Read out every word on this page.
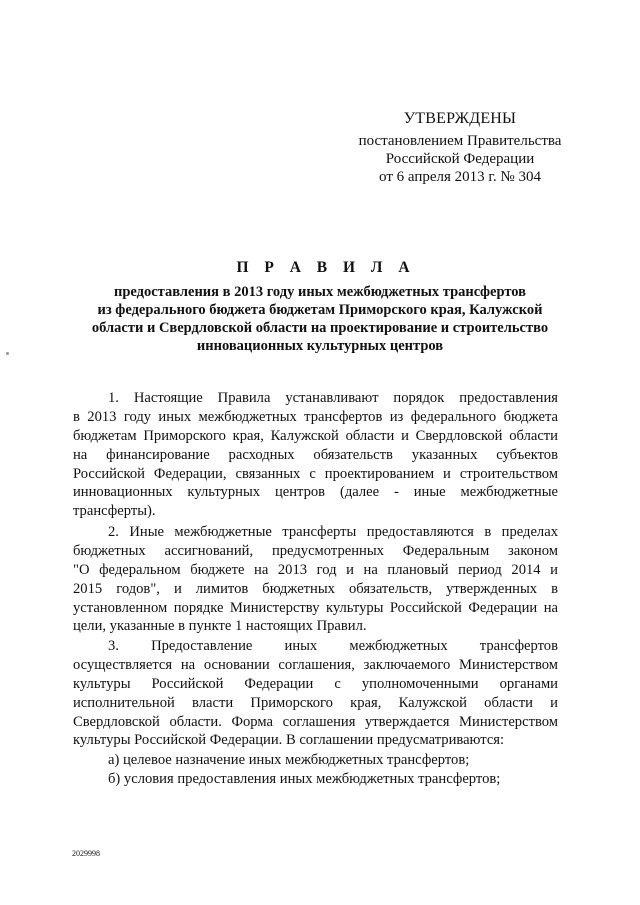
УТВЕРЖДЕНЫ
постановлением Правительства
Российской Федерации
от 6 апреля 2013 г. № 304
П Р А В И Л А
предоставления в 2013 году иных межбюджетных трансфертов
из федерального бюджета бюджетам Приморского края, Калужской
области и Свердловской области на проектирование и строительство
инновационных культурных центров
1. Настоящие Правила устанавливают порядок предоставления
в 2013 году иных межбюджетных трансфертов из федерального бюджета
бюджетам Приморского края, Калужской области и Свердловской области
на финансирование расходных обязательств указанных субъектов
Российской Федерации, связанных с проектированием и строительством
инновационных культурных центров (далее - иные межбюджетные
трансферты).
2. Иные межбюджетные трансферты предоставляются в пределах
бюджетных ассигнований, предусмотренных Федеральным законом
"О федеральном бюджете на 2013 год и на плановый период 2014 и
2015 годов", и лимитов бюджетных обязательств, утвержденных в
установленном порядке Министерству культуры Российской Федерации на
цели, указанные в пункте 1 настоящих Правил.
3. Предоставление иных межбюджетных трансфертов
осуществляется на основании соглашения, заключаемого Министерством
культуры Российской Федерации с уполномоченными органами
исполнительной власти Приморского края, Калужской области и
Свердловской области. Форма соглашения утверждается Министерством
культуры Российской Федерации. В соглашении предусматриваются:
а) целевое назначение иных межбюджетных трансфертов;
б) условия предоставления иных межбюджетных трансфертов;
2029998
